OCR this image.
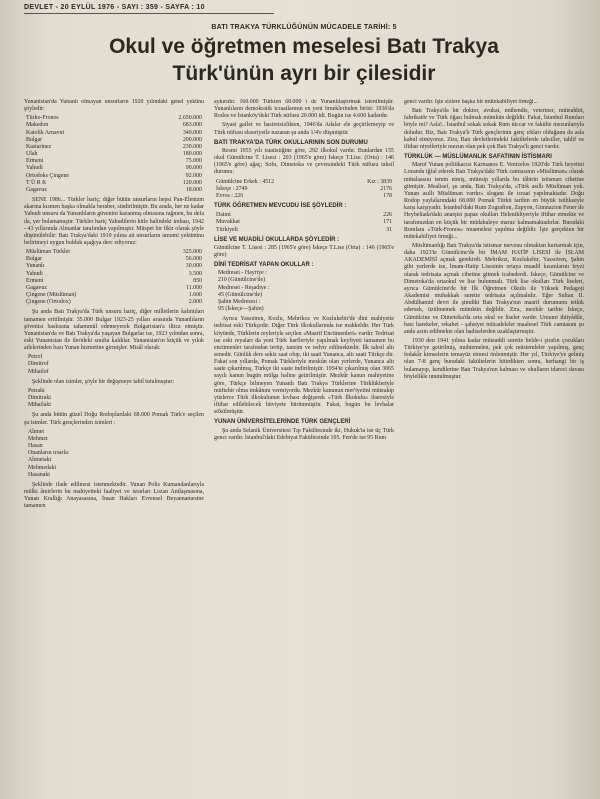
DEVLET - 20 EYLÜL 1976 - SAYI : 359 - SAYFA : 10
BATI TRAKYA TÜRKLÜĞÜNÜN MÜCADELE TARİHİ: 5
Okul ve öğretmen meselesi Batı Trakya
Türk'ünün ayrı bir çilesidir

Yunanistan'da Yunanlı olmayan unsurların 1920 yılındaki genel yekünu şöyledir:

Türko-Fronos	2.650.000
Makedon	683.000
Katolik Arnavut	340.000
Bulgar	200.000
Kastarinez	230.000
Ulah	180.000
Ermeni	75.000
Yahudi	90.000
Ortodoks Çingene	92.000
T Ü R K	120.000
Gagavuz	18.000

SENE 1986... Türkler hariç; diğer bütün unsurların hepsi Pan-Elenizm akarına kısmen başka olmakla beraber, sindirilmiştir. Bu arada, her ne kadar Yahudi unsuru da Yunanlıların güvenini kazanmış olmasına rağmen, bu defa da, yer bulamamıştır. Türkler hariç Yahudilerin kitle halindeki imhası, 1942 - 43 yıllarında Almanlar tarafından yapılmıştır. Müspet bir fikir olarak şöyle düşünülebilir: Batı Trakya'daki 1910 yılına ait unsurların umumi yekününu belirtmeyi uygun bulduk aşağıya derc ediyoruz:

Müslüman Türkler	325.000
Bulgar	56.000
Yunanlı	30.000
Yahudi	3.500
Ermeni	850
Gagavuz	11.000
Çingene (Müslüman)	1.600
Çingene (Ortodox)	2.000

Şu anda Batı Trakya'da Türk unsuru hariç, diğer milletlerin kalıntıları tamamen eritilmiştir. 35.000 Bulgar 1923-25 yılları arasında Yunanlıların şövenist baskısına tahammül edemeyerek Bulgaristan'a iltica etmiştir. Yunanistan'da ve Batı Trakya'da yaşayan Bulgarlar ise, 1923 yılından sonra, eski Yunanistan ile ilerideki sınıfta kaldılar. Yunanistan'ın küçük ve yıkık ailelerinden bazı Yunan hizmetine girmişler. Misâl olarak:

Petrof
Dimitrof
Mihailof

Şeklinde olan isimler, şöyle bir değişmeye tabiî tutulmuştur:

Petraki
Dimitraki
Mihailaki

Şu anda bütün güzel Doğu Rodoplardaki 68.000 Pomak Türk'e seçilen şu isimler. Türk gençlerinden isimleri :

Ahmet
Mehmet
Hasan
Onanların ırsarla:
Ahmetaki
Mehmedaki
Hasanaki

Şeklinde ifade edilmesi istenmektedir. Yunan Polis Kumandanlarıyla mülki âmirlerin bu mahiyetteki faaliyet ve israrları Lozan Antlaşmasına, Yunan Krallığı Anayasasına, İnsan Hakları Evrensel Beyannamesine tamamen

aykırıdır. 160.000 Türkten 68.000 i de Yunanlılaştırmak istenilmiştir. Yunanlıların demokratik icraatlarının en yeni örneklerinden birisi: 1936'da Rodos ve İstanköy'deki Türk nüfusu 20.000 idi. Bugün ise 4.600 kadardır.

Siyasi gaflet ve basiretsizlikten, 1946'da Adalar ele geçirilemeyip ve Türk nüfusu ekseriyetle nazaran şu anda 1/4'e düşmüştür.

BATI TRAKYA'DA TÜRK OKULLARININ SON DURUMU

Resmi 1955 yılı istatistiğine göre, 292 ilkokul vardır. Bunlardan 155 okul Gümülcine T. Lisesi : 203 (1965'e göre) İskeçe T.Lise. (Orta) : 146 (1965'e göre) ağaç; Sofu, Dimetoka ve çevresindeki Türk nüfusu tahsil durumu:

Gümülcine Erkek : 4512	Kız : 3839
İskeçe : 2749	2176
Evros : 226	178
TÜRK ÖĞRETMEN MEVCUDU İSE ŞÖYLEDİR :
Daimi	226
Muvakkat	171
Türkiyeli	31
LİSE VE MUADİLİ OKULLARDA ŞÖYLEDİR :

Gümülcine T. Lisesi : 285 (1965'e göre) İskeçe T.Lise (Orta) : 146 (1965'e göre)

DİNİ TEDRİSAT YAPAN OKULLAR :
Medresei - Hayriye :
210 (Gümülcine'de)
Medresei - Reşadiye :
45 (Gümülcine'de)
Şahin Medresesi :
95 (İskeçe—Şahin)

Ayrıca Yassıören, Kozlu, Mehrikoz ve Kozlukebir'de dini mahiyette tedrisat eski Türkçedir. Diğer Türk ilkokullarında ise mahkeldir. Her Türk köyünde, Türklerin reyleriyle seçilen «Maarif Encümenleri» vardır. Tedrisat ise eski reyaları da yeni Türk harfleriyle yapılmak keyfiyeti tamamen bu encümenler tarafından tertip, tanzim ve tedvir edilmektedir. İlk tahsil altı senedir. Günlük ders sekiz saat olup, iki saati Yunanca, altı saati Türkçe dir. Fakat son yıllarda, Pomak Türkleriyle meskûn olan yerlerde, Yunanca altı saate çıkarılmış, Türkçe iki saate indirilmiştir. 1954'te çıkarılmış olan 3065 sayılı kanun bugün mülga haline getirilmiştir. Mezkûr kanun mahiyetine göre, Türkçe bilmeyen Yunanlı Batı Trakya Türklerine Türklükleriyle müftehir olma imkânını vermiyordu. Mezkûr kanunun mer'iyetini müteakip yüzlerce Türk ilkokulunun levhası değişerek «Türk İlkokulu» ibaresiyle iftihar edilebilecek hüviyete bürünmüştür. Fakat, bugün bu levhalar sökülmüştür.

YUNAN ÜNİVERSİTELERİNDE TÜRK GENÇLERİ

Şu anda Selanik Üniversitesi Tıp Fakültesinde iki, Hukuk'ta ise üç Türk genci vardır. İstanbul'daki Edebiyat Fakültesinde 105. Fen'de ise 95 Rum

genci vardır. İşte sizlere başka bir mütekabiliyet örneği...

Batı Trakya'da bir doktor, avukat, mühendis, veteriner, müteahhit, fabrikatör ve Türk öğası bulmak mümkün değildir. Fakat, İstanbul Rumları böyle mi? Asla!.. İstanbul sokak sokak Rum tüccar ve fakülte mezunlarıyla doludur. Biz, Batı Trakya'lı Türk gençlerinin genç ırkları olduğunu da asla kabul etmiyoruz. Zira, Batı devletlerindeki fakültelerde tahsiller, tahlif ve iftihar niyetleriyle mezun olan pek çok Batı Trakya'lı genci vardır.

TÜRKLÜK — MÜSLÜMANLIK SAFATININ İSTİSMARI

Maruf Yunan politikacısı Karmanos E. Venizelos 1920'de Türk heyetini Lozanda iğfal ederek Batı Trakya'daki Türk camiasının «Müslüman» olarak mütalaasını temin etmiş, mütesip yıllarda bu tâbirin istismarı cihetine gitmiştir. Mealisef, şu anda, Batı Trakya'da, «Türk asıllı Müslüman yok. Yunan asıllı Müslüman vardır» sloganı ile icraat yapılmaktadır. Doğu Rodop yaylalarındaki 68.000 Pomak Türkü tarihin en büyük istihlasiyle karşı karşıyadır. İstanbul'daki Rum Zografion, Zapyon, Gimnazion Fener ile Heybeliada'daki anarşist papaz okulları Helenikliyeriyle iftihar etmekte ve tarafımızdan en küçük bir müdahaleye maruz kalmamaktadırlar. Buradaki Rumlara «Türk-Fronos» muamelesi yapılma değildir. İşte gerçekten bir mütekabiliyet örneği...

Müslümanlığı Batı Trakya'da istismar mevzuu olmaktan kurtarmak için, daha 1923'te Gümülcine'de bir İMAM HATİP LİSESİ ile İSLAM AKADEMİSİ açmak gerekirdi. Mehrikoz, Kozlukebir, Yassıören, Şahin gibi yerlerde ise, İmam-Hatip Lisesinin ortaya muadil kısımlarını feyzi olarak tedrisata açmak cihetine gitmek icabederdi. İskeçe, Gümülcine ve Dimetoka'da ortaokul ve lise bulunmalı. Türk lise okulları Türk liseleri, ayrıca Gümülcine'de bir İlk Öğretmen Okulu ile Yüksek Pedagoji Akademisi muhakkak surette tedrisata açılmalıdır. Eğer Sultan II. Abdülhamid devri ile şimdiki Batı Trakya'nın maarif durumunu tetkik edersek, üzülmemek mümkün değildir. Zira, mezkûr tarihte İskeçe, Gümülcine ve Dimetoka'da orta okul ve liseler vardır. Umumi ihtiyâdile, bazı harekeler, rekabet - şahsiyet mücadeleler maalesef Türk camiasını şu anda azını edilmekte olan hadiselerden uzaklaştırmıştır.

1930 den 1941 yılına kadar müteaddi surette belde-i şirafın çocukları Türkiye'ye getirilmiş, muhtemelen, pek çok müstemleler yapılmış, genç fedakâr kimselerin temayüz etmesi önlenmiştir. Her yıl, Türkiye'ye gelmiş olan 7-8 genç buradaki fakültelerin bitirdikten sonra, herhangi bir iş bulamayıp, kendilerine Batı Trakya'nın kalması ve okulların idareci davası böylelikle unutulmuştur.
